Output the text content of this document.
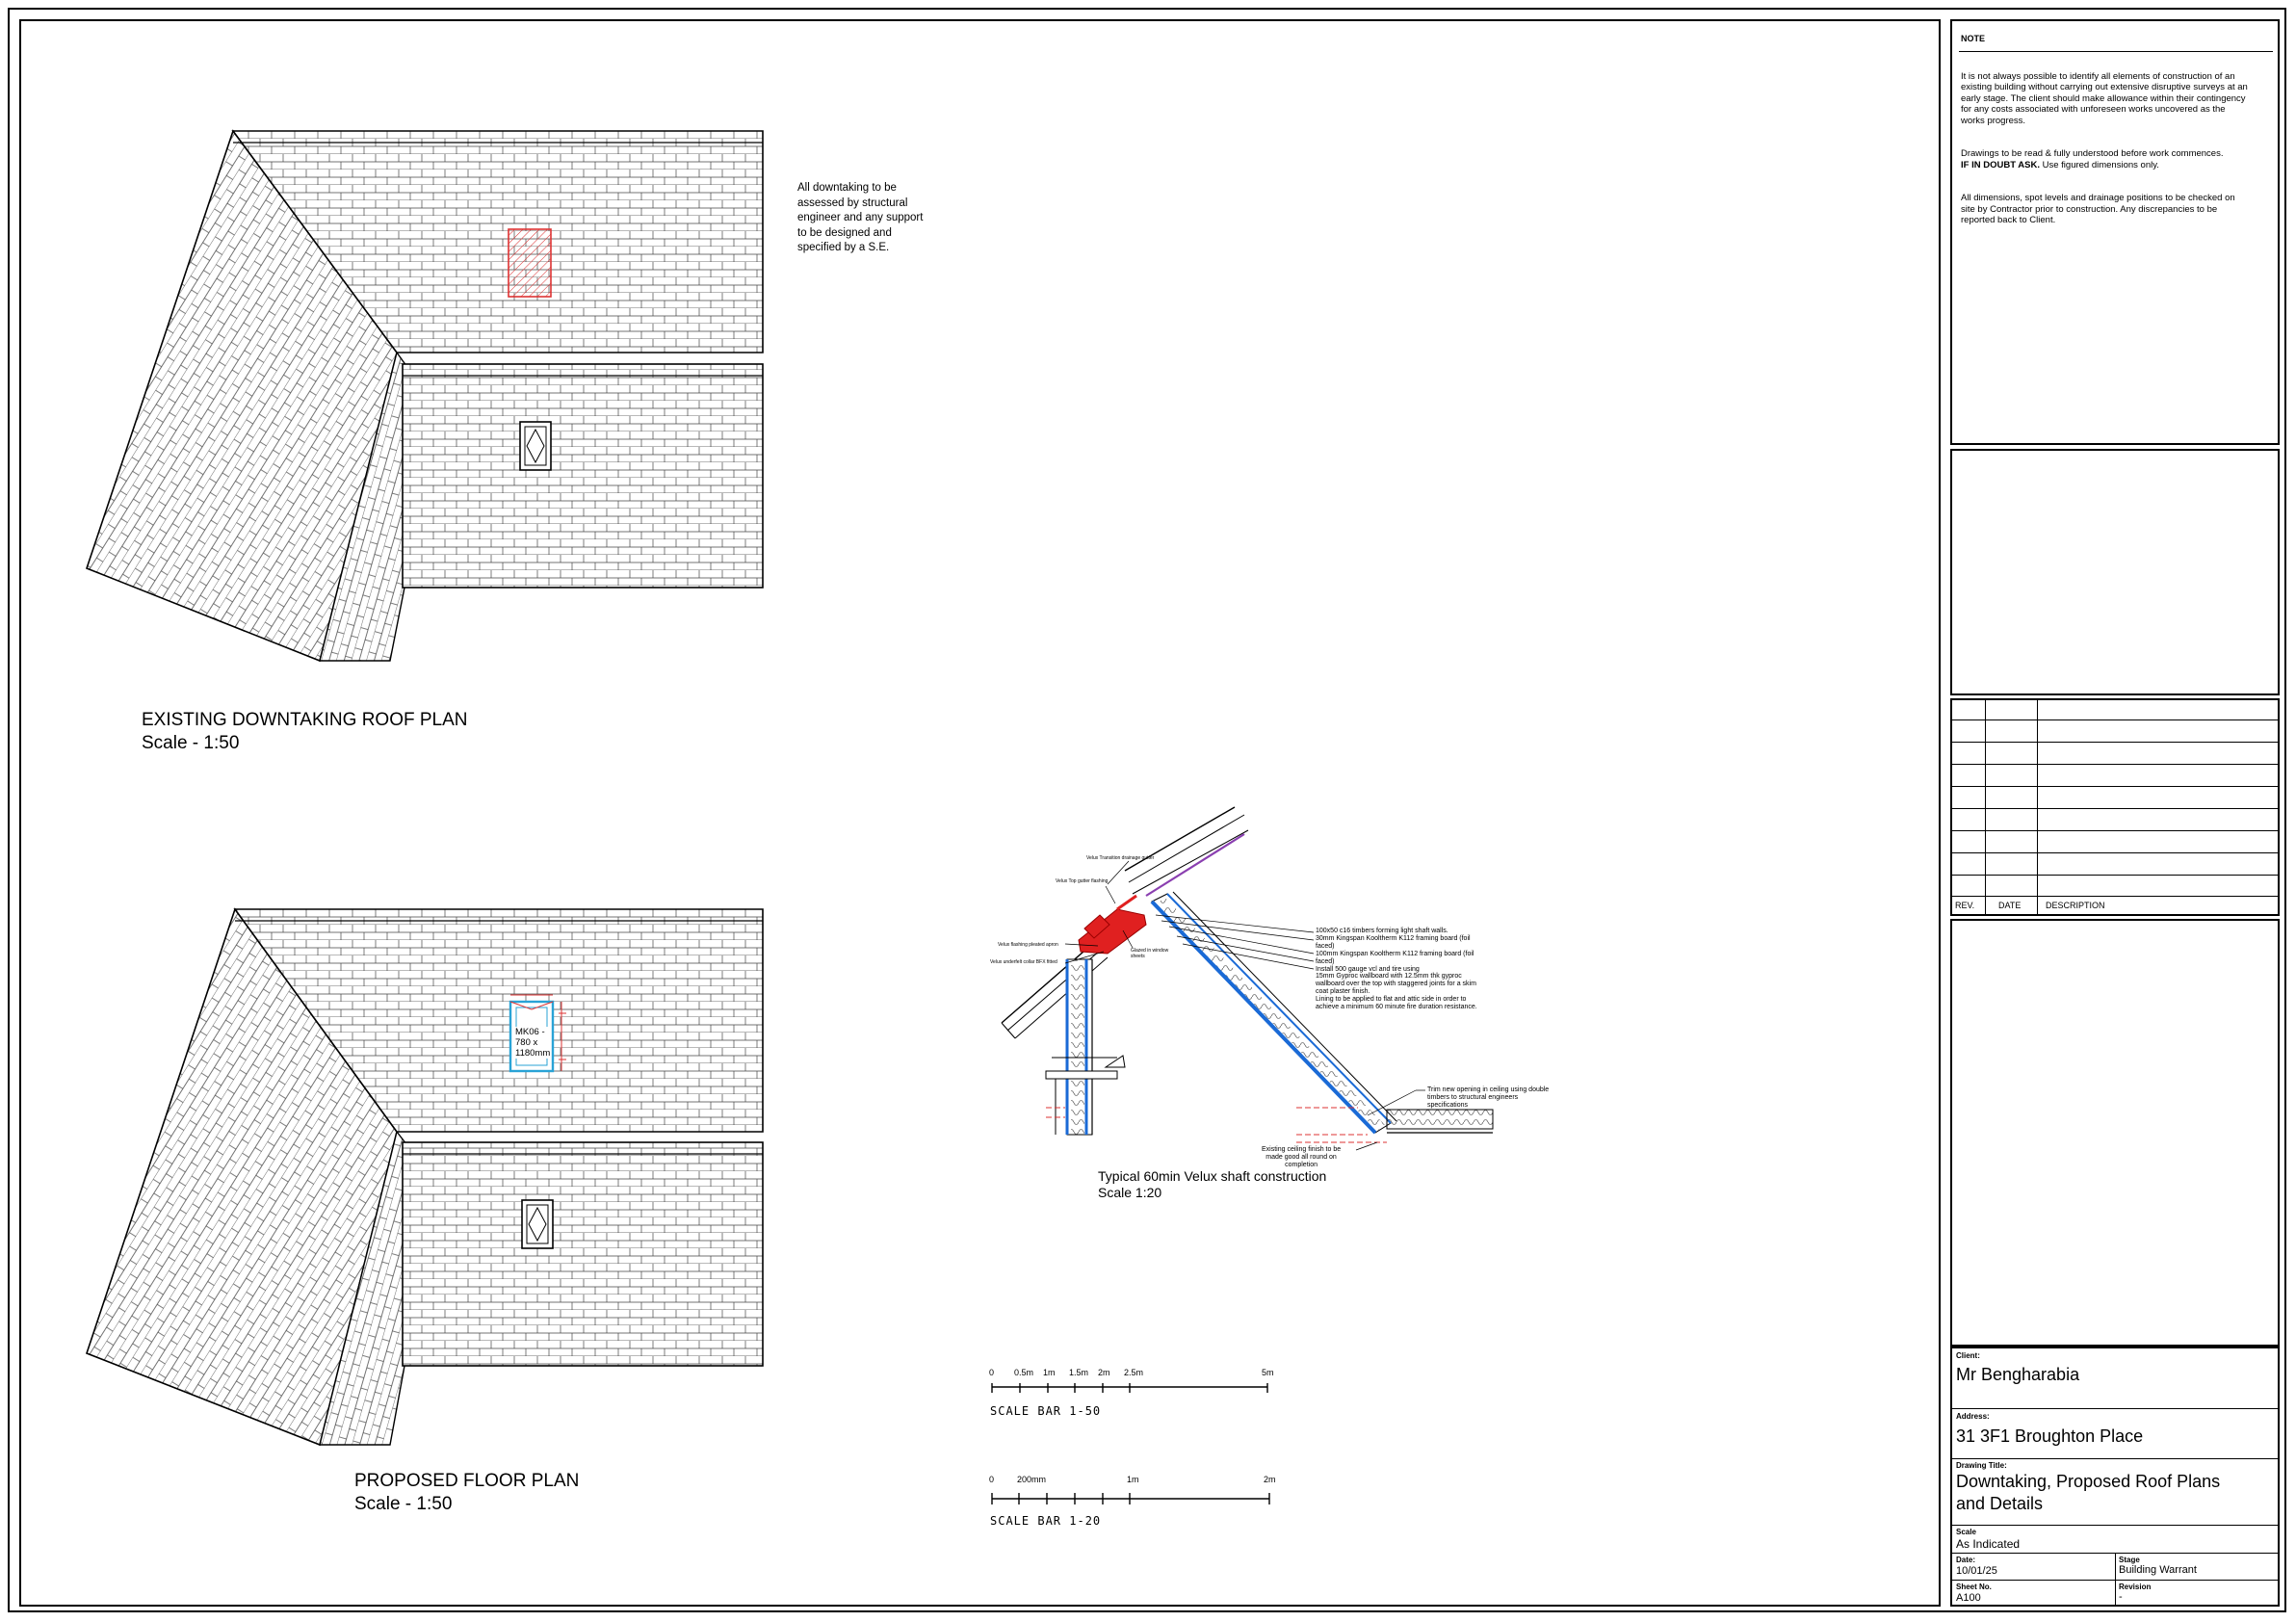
All downtaking to be
assessed by structural
engineer and any support
to be designed and
specified by a S.E.
EXISTING DOWNTAKING ROOF PLAN
Scale - 1:50
MK06 -
780 x
1180mm
PROPOSED FLOOR PLAN
Scale - 1:50
Typical 60min Velux shaft construction
Scale 1:20
100x50 c16 timbers forming light shaft walls.
30mm Kingspan Kooltherm K112 framing board (foil
faced)
100mm Kingspan Kooltherm K112 framing board (foil
faced)
Install 500 gauge vcl and tire using
15mm Gyproc wallboard with 12.5mm thk gyproc
wallboard over the top with staggered joints for a skim
coat plaster finish.
Lining to be applied to flat and attic side in order to
achieve a minimum 60 minute fire duration resistance.
Trim new opening in ceiling using double
timbers to structural engineers
specifications
Existing ceiling finish to be
made good all round on
completion
Velux Transition drainage gutter
Velux Top gutter flashing
Velux flashing pleated apron
Velux underfelt collar BFX fitted
Glazed in window
sheets
0 0.5m 1m 1.5m 2m 2.5m	5m
SCALE BAR 1-50
0	200mm	1m	2m
SCALE BAR 1-20
NOTE

It is not always possible to identify all elements of construction of an existing building without carrying out extensive disruptive surveys at an early stage. The client should make allowance within their contingency for any costs associated with unforeseen works uncovered as the works progress.

Drawings to be read & fully understood before work commences.
IF IN DOUBT ASK. Use figured dimensions only.

All dimensions, spot levels and drainage positions to be checked on site by Contractor prior to construction. Any discrepancies to be reported back to Client.

REV.	DATE	DESCRIPTION
Client:
Mr Bengharabia
Address:
31 3F1 Broughton Place
Drawing Title:
Downtaking, Proposed Roof Plans
and Details
Scale
As Indicated
Date:
10/01/25
Stage
Building Warrant
Sheet No.
A100
Revision
-
